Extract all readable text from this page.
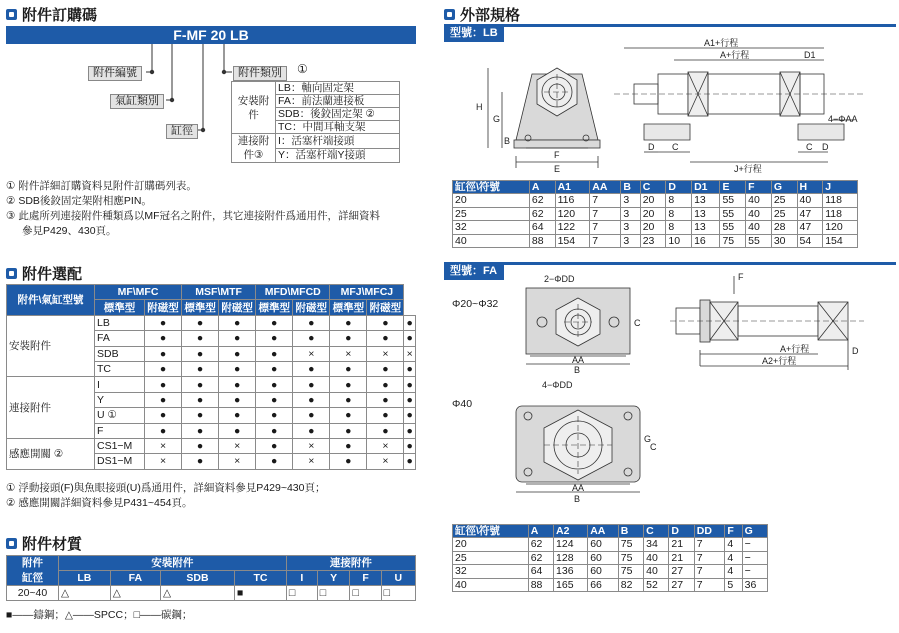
附件訂購碼
F-MF 20 LB
附件編號
氣缸類別
缸徑
附件類別	①
安裝附件	LB：軸向固定架
	FA：前法蘭連接板
	SDB：後鉸固定架 ②
	TC：中間耳軸支架
連接附件③	I：活塞杆端接頭
	Y：活塞杆端Y接頭
① 附件詳細訂購資料見附件訂購碼列表。
② SDB後鉸固定架附相應PIN。
③ 此處所列連接附件種類爲以MF冠名之附件，其它連接附件爲通用件，詳細資料
參見P429、430頁。
附件選配
附件\氣缸型號	MF\MFC		MSF\MTF		MFD\MFCD		MFJ\MFCJ		
	標準型	附磁型	標準型	附磁型	標準型	附磁型	標準型	附磁型	
安裝附件	LB	●	●	●	●	●	●	●	●
	FA	●	●	●	●	●	●	●	●
	SDB	●	●	●	●	×	×	×	×
	TC	●	●	●	●	●	●	●	●
連接附件	I	●	●	●	●	●	●	●	●
	Y	●	●	●	●	●	●	●	●
	U ①	●	●	●	●	●	●	●	●
	F	●	●	●	●	●	●	●	●
感應開關 ②	CS1−M	×	●	×	●	×	●	×	●
	DS1−M	×	●	×	●	×	●	×	●
① 浮動接頭(F)與魚眼接頭(U)爲通用件，詳細資料參見P429~430頁；
② 感應開關詳細資料參見P431~454頁。
附件材質
附件	安裝附件				連接附件			
缸徑	LB	FA	SDB	TC	I	Y	F	U
20~40	△	△	△	■	□	□	□	□
■——鑄鋼；△——SPCC；□——碳鋼；
外部規格
型號：LB
H
G
B
F
E
A1+行程
A+行程	D1
4−ΦAA
D C	C D
J+行程
缸徑\符號	A	A1	AA	B	C	D	D1	E	F	G	H	J
20	62	116	7	3	20	8	13	55	40	25	40	118
25	62	120	7	3	20	8	13	55	40	25	47	118
32	64	122	7	3	20	8	13	55	40	28	47	120
40	88	154	7	3	23	10	16	75	55	30	54	154
型號：FA
Φ20~Φ32
Φ40
2−ΦDD
AA
B
C
4−ΦDD
AA
B
G
C
F
A+行程
A2+行程
D
缸徑\符號	A	A2	AA	B	C	D	DD	F	G
20	62	124	60	75	34	21	7	4	−
25	62	128	60	75	40	21	7	4	−
32	64	136	60	75	40	27	7	4	−
40	88	165	66	82	52	27	7	5	36
